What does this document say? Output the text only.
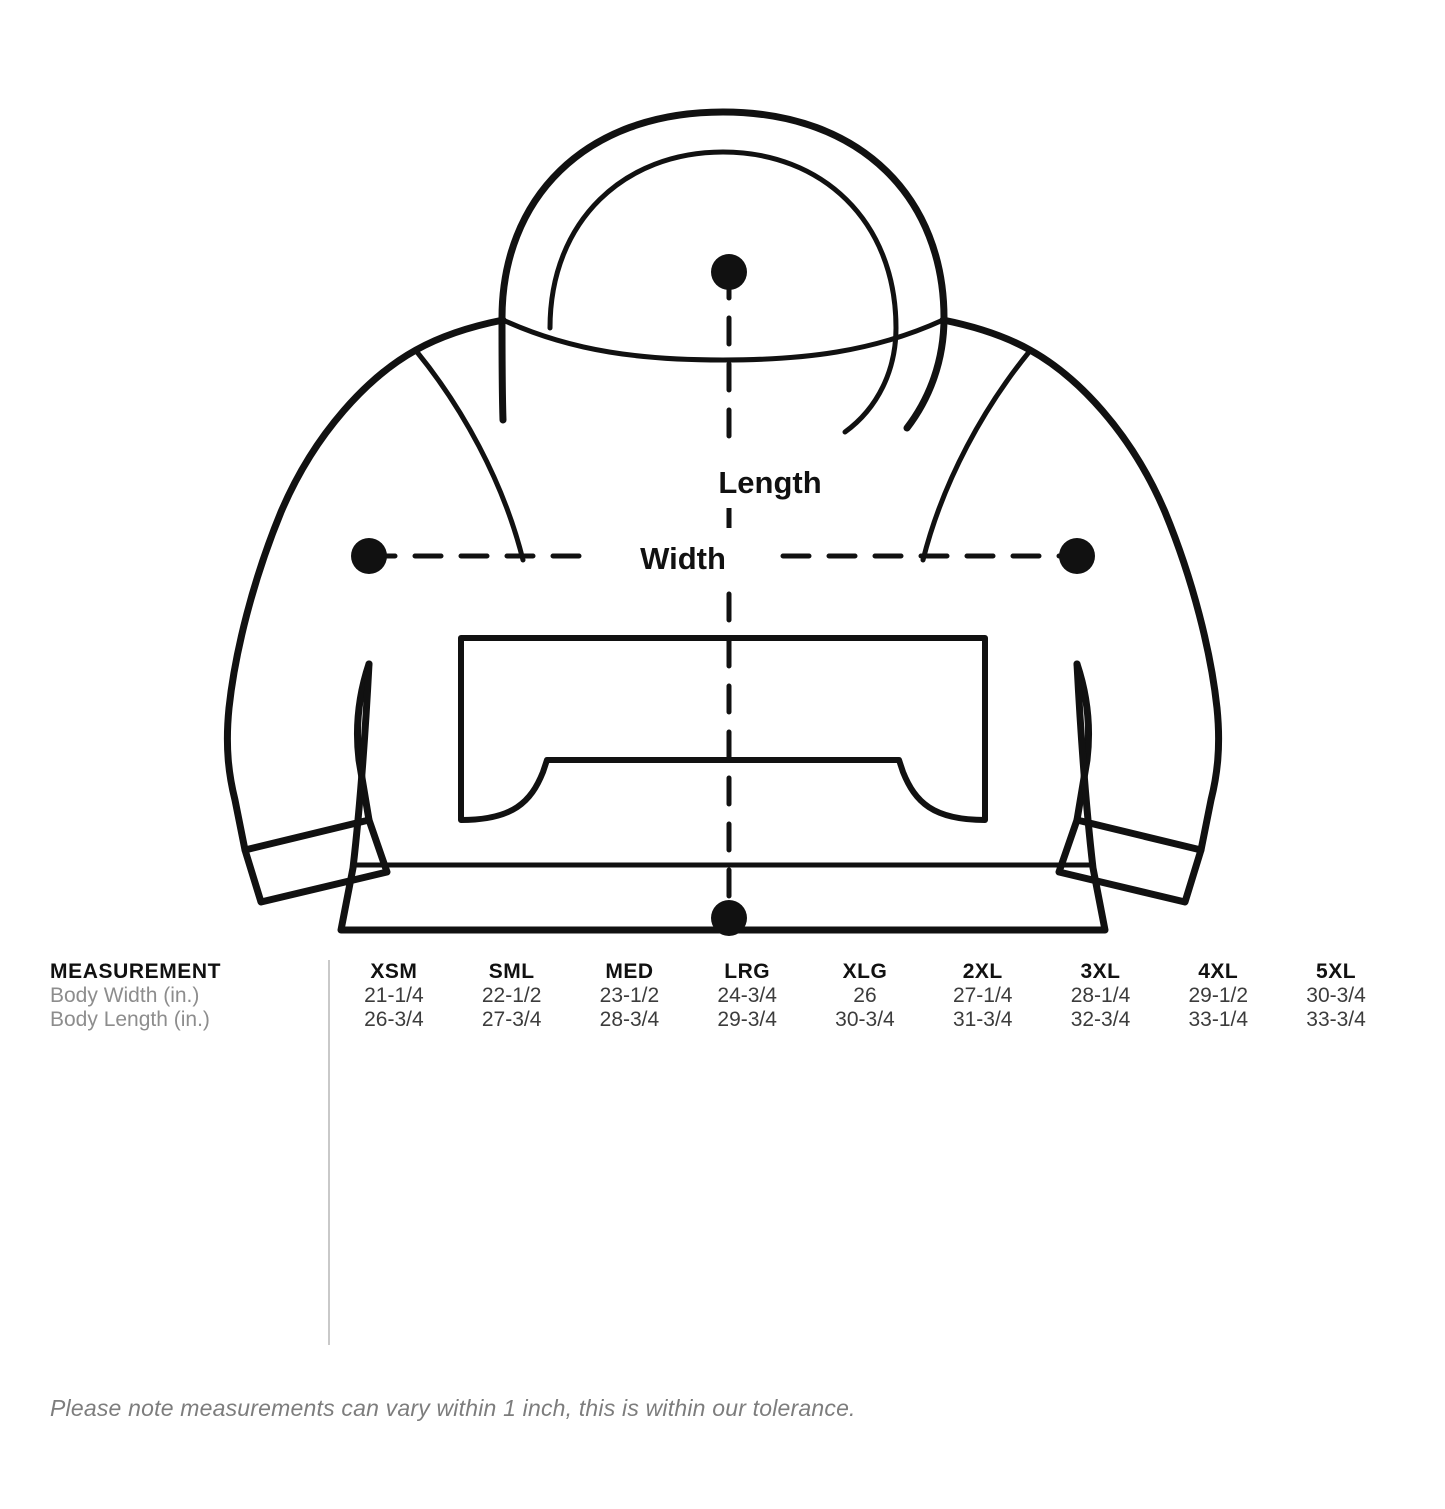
Width
Length
MEASUREMENT	XSM	SML	MED	LRG	XLG	2XL	3XL	4XL	5XL
Body Width (in.)	21-1/4	22-1/2	23-1/2	24-3/4	26	27-1/4	28-1/4	29-1/2	30-3/4
Body Length (in.)	26-3/4	27-3/4	28-3/4	29-3/4	30-3/4	31-3/4	32-3/4	33-1/4	33-3/4
Please note measurements can vary within 1 inch, this is within our tolerance.
